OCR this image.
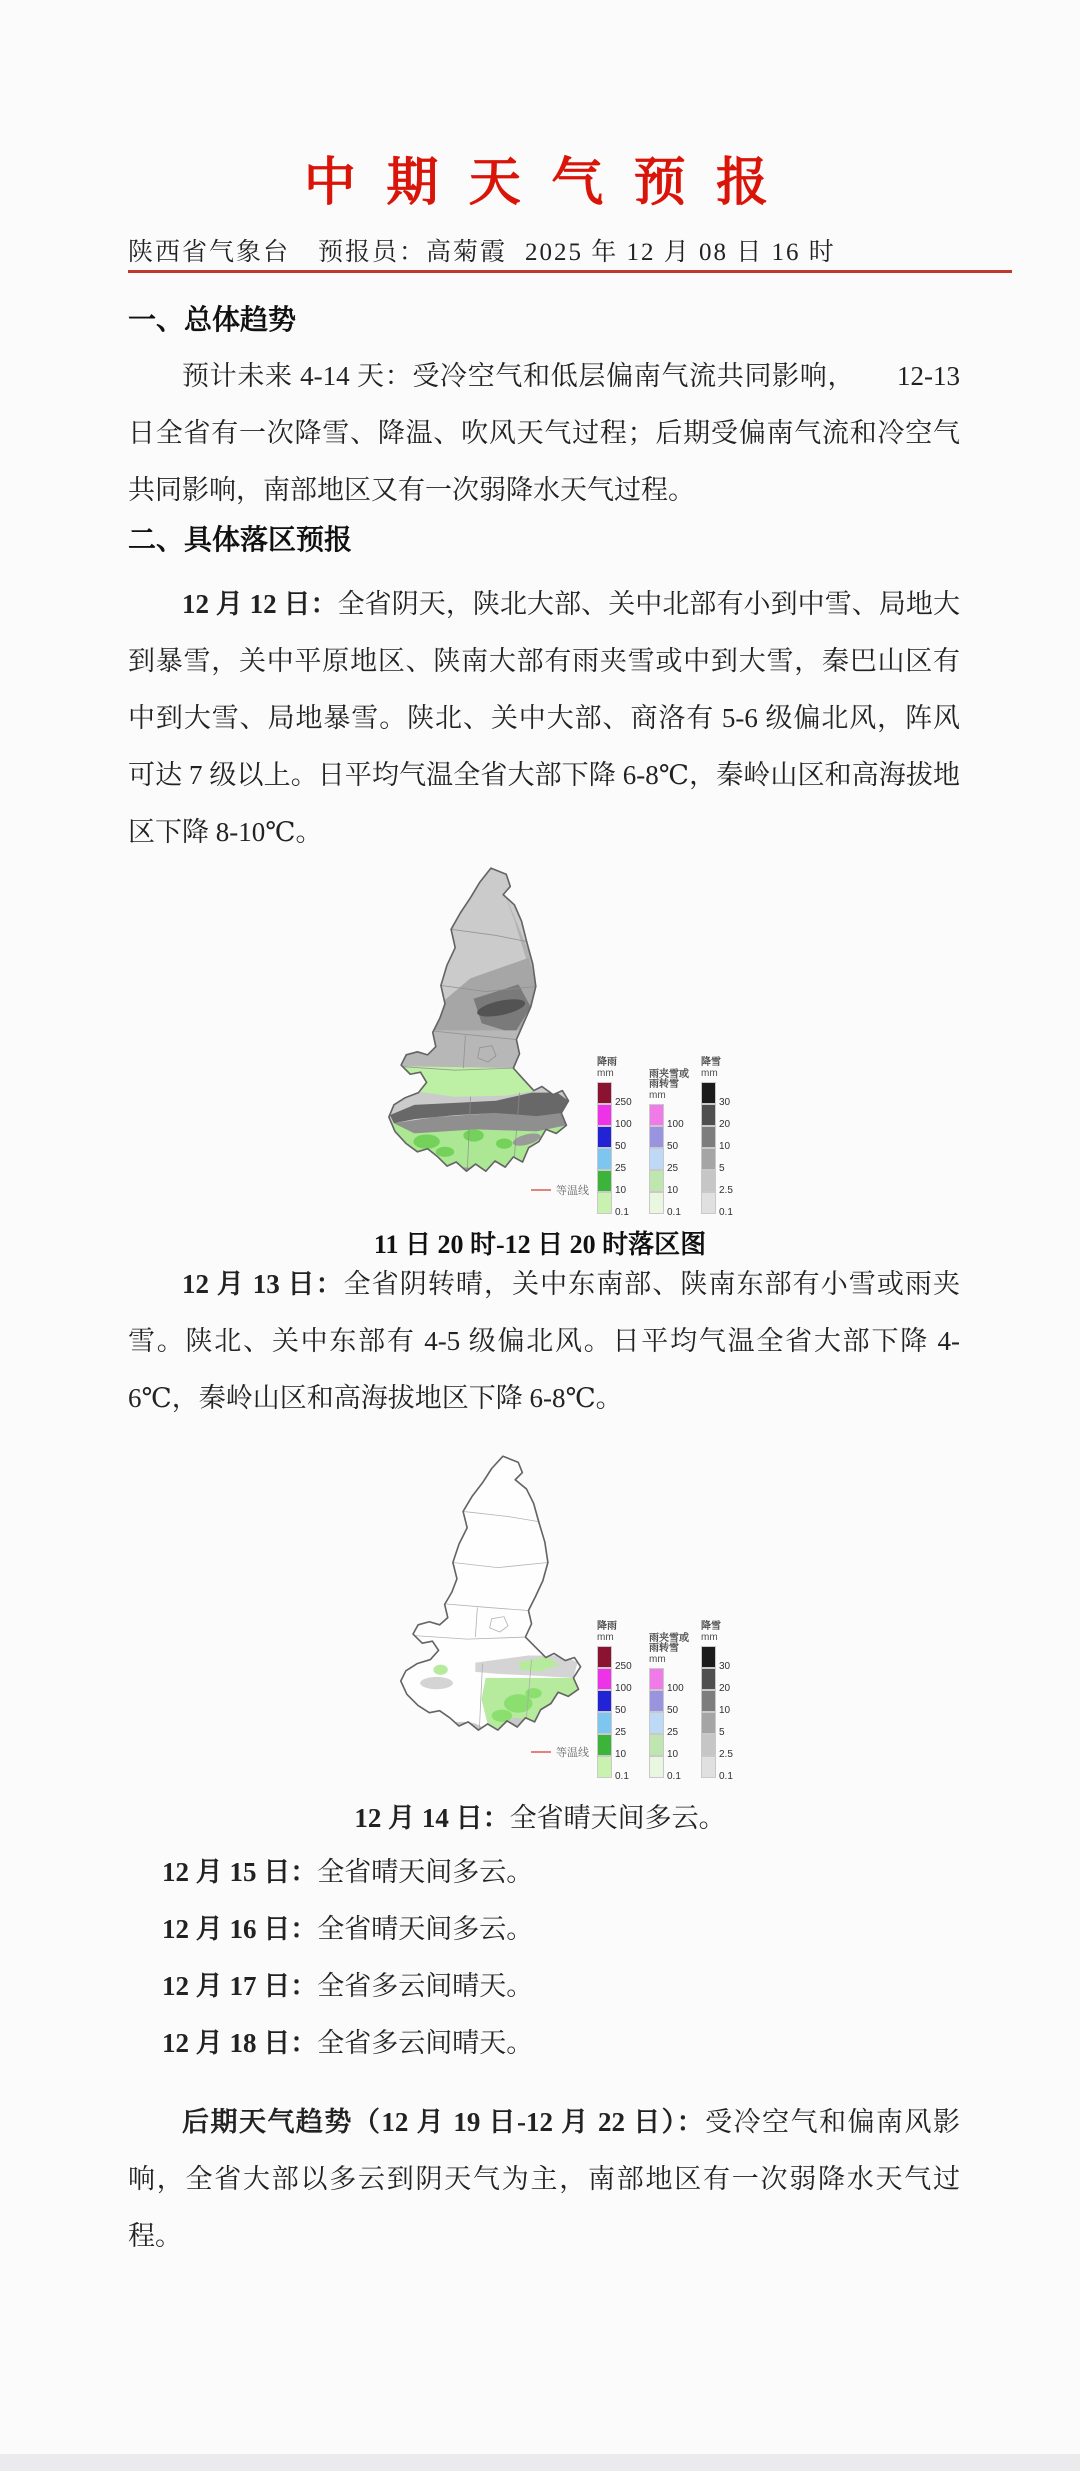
中 期 天 气 预 报
陕西省气象台 预报员：高菊霞 2025 年 12 月 08 日 16 时
一、总体趋势

预计未来 4-14 天：受冷空气和低层偏南气流共同影响，　　12-13 日全省有一次降雪、降温、吹风天气过程；后期受偏南气流和冷空气共同影响，南部地区又有一次弱降水天气过程。

二、具体落区预报

12 月 12 日：全省阴天，陕北大部、关中北部有小到中雪、局地大到暴雪，关中平原地区、陕南大部有雨夹雪或中到大雪，秦巴山区有中到大雪、局地暴雪。陕北、关中大部、商洛有 5-6 级偏北风，阵风可达 7 级以上。日平均气温全省大部下降 6-8℃，秦岭山区和高海拔地区下降 8-10℃。

降雨
mm
250
100
50
25
10
0.1
雨夹雪或雨转雪
mm
100
50
25
10
0.1
降雪
mm
30
20
10
5
2.5
0.1
等温线
11 日 20 时-12 日 20 时落区图

12 月 13 日：全省阴转晴，关中东南部、陕南东部有小雪或雨夹雪。陕北、关中东部有 4-5 级偏北风。日平均气温全省大部下降 4-6℃，秦岭山区和高海拔地区下降 6-8℃。

降雨
mm
250
100
50
25
10
0.1
雨夹雪或雨转雪
mm
100
50
25
10
0.1
降雪
mm
30
20
10
5
2.5
0.1
等温线
12 月 14 日：全省晴天间多云。
12 月 15 日：全省晴天间多云。
12 月 16 日：全省晴天间多云。
12 月 17 日：全省多云间晴天。
12 月 18 日：全省多云间晴天。

后期天气趋势（12 月 19 日-12 月 22 日）：受冷空气和偏南风影响，全省大部以多云到阴天气为主，南部地区有一次弱降水天气过程。
